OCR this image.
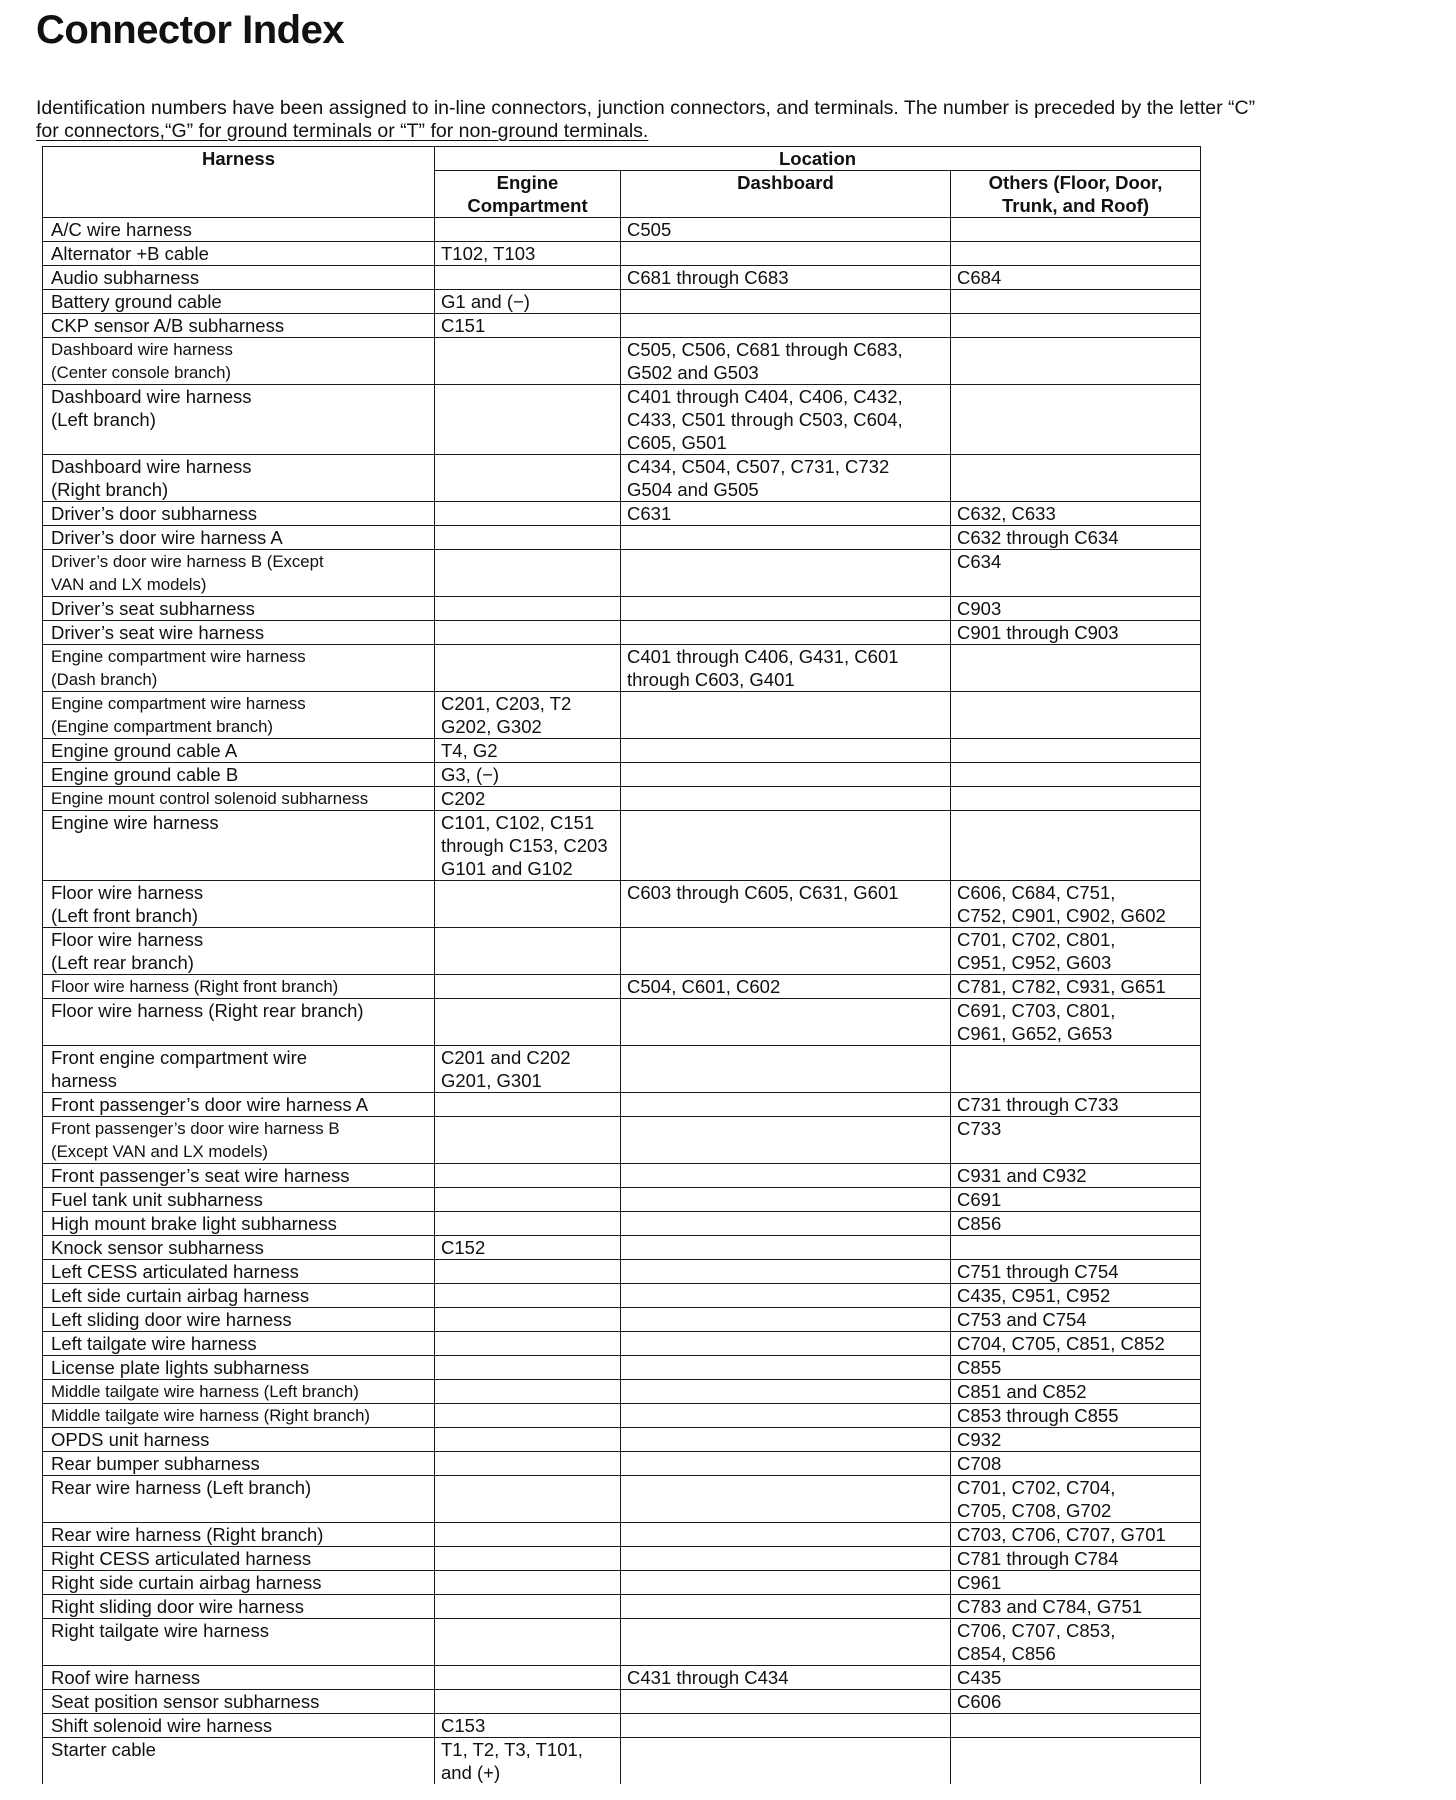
Connector Index

Identification numbers have been assigned to in-line connectors, junction connectors, and terminals. The number is preceded by the letter “C”
for connectors,“G” for ground terminals or “T” for non-ground terminals.

Harness	Location		
	Engine Compartment	Dashboard	Others (Floor, Door, Trunk, and Roof)

A/C wire harness		C505	

Alternator +B cable	T102, T103		

Audio subharness		C681 through C683	C684

Battery ground cable	G1 and (−)		

CKP sensor A/B subharness	C151		

Dashboard wire harness
(Center console branch)		C505, C506, C681 through C683,
G502 and G503	

Dashboard wire harness
(Left branch)		C401 through C404, C406, C432,
C433, C501 through C503, C604,
C605, G501	

Dashboard wire harness
(Right branch)		C434, C504, C507, C731, C732
G504 and G505	

Driver’s door subharness		C631	C632, C633

Driver’s door wire harness A			C632 through C634

Driver’s door wire harness B (Except
VAN and LX models)			C634

Driver’s seat subharness			C903

Driver’s seat wire harness			C901 through C903

Engine compartment wire harness
(Dash branch)		C401 through C406, G431, C601
through C603, G401	

Engine compartment wire harness
(Engine compartment branch)	C201, C203, T2
G202, G302		

Engine ground cable A	T4, G2		

Engine ground cable B	G3, (−)		

Engine mount control solenoid subharness	C202		

Engine wire harness	C101, C102, C151
through C153, C203
G101 and G102		

Floor wire harness
(Left front branch)		C603 through C605, C631, G601	C606, C684, C751,
C752, C901, C902, G602

Floor wire harness
(Left rear branch)			C701, C702, C801,
C951, C952, G603

Floor wire harness (Right front branch)		C504, C601, C602	C781, C782, C931, G651

Floor wire harness (Right rear branch)			C691, C703, C801,
C961, G652, G653

Front engine compartment wire
harness	C201 and C202
G201, G301		

Front passenger’s door wire harness A			C731 through C733

Front passenger’s door wire harness B
(Except VAN and LX models)			C733

Front passenger’s seat wire harness			C931 and C932

Fuel tank unit subharness			C691

High mount brake light subharness			C856

Knock sensor subharness	C152		

Left CESS articulated harness			C751 through C754

Left side curtain airbag harness			C435, C951, C952

Left sliding door wire harness			C753 and C754

Left tailgate wire harness			C704, C705, C851, C852

License plate lights subharness			C855

Middle tailgate wire harness (Left branch)			C851 and C852

Middle tailgate wire harness (Right branch)			C853 through C855

OPDS unit harness			C932

Rear bumper subharness			C708

Rear wire harness (Left branch)			C701, C702, C704,
C705, C708, G702

Rear wire harness (Right branch)			C703, C706, C707, G701

Right CESS articulated harness			C781 through C784

Right side curtain airbag harness			C961

Right sliding door wire harness			C783 and C784, G751

Right tailgate wire harness			C706, C707, C853,
C854, C856

Roof wire harness		C431 through C434	C435

Seat position sensor subharness			C606

Shift solenoid wire harness	C153		

Starter cable	T1, T2, T3, T101,
and (+)		
